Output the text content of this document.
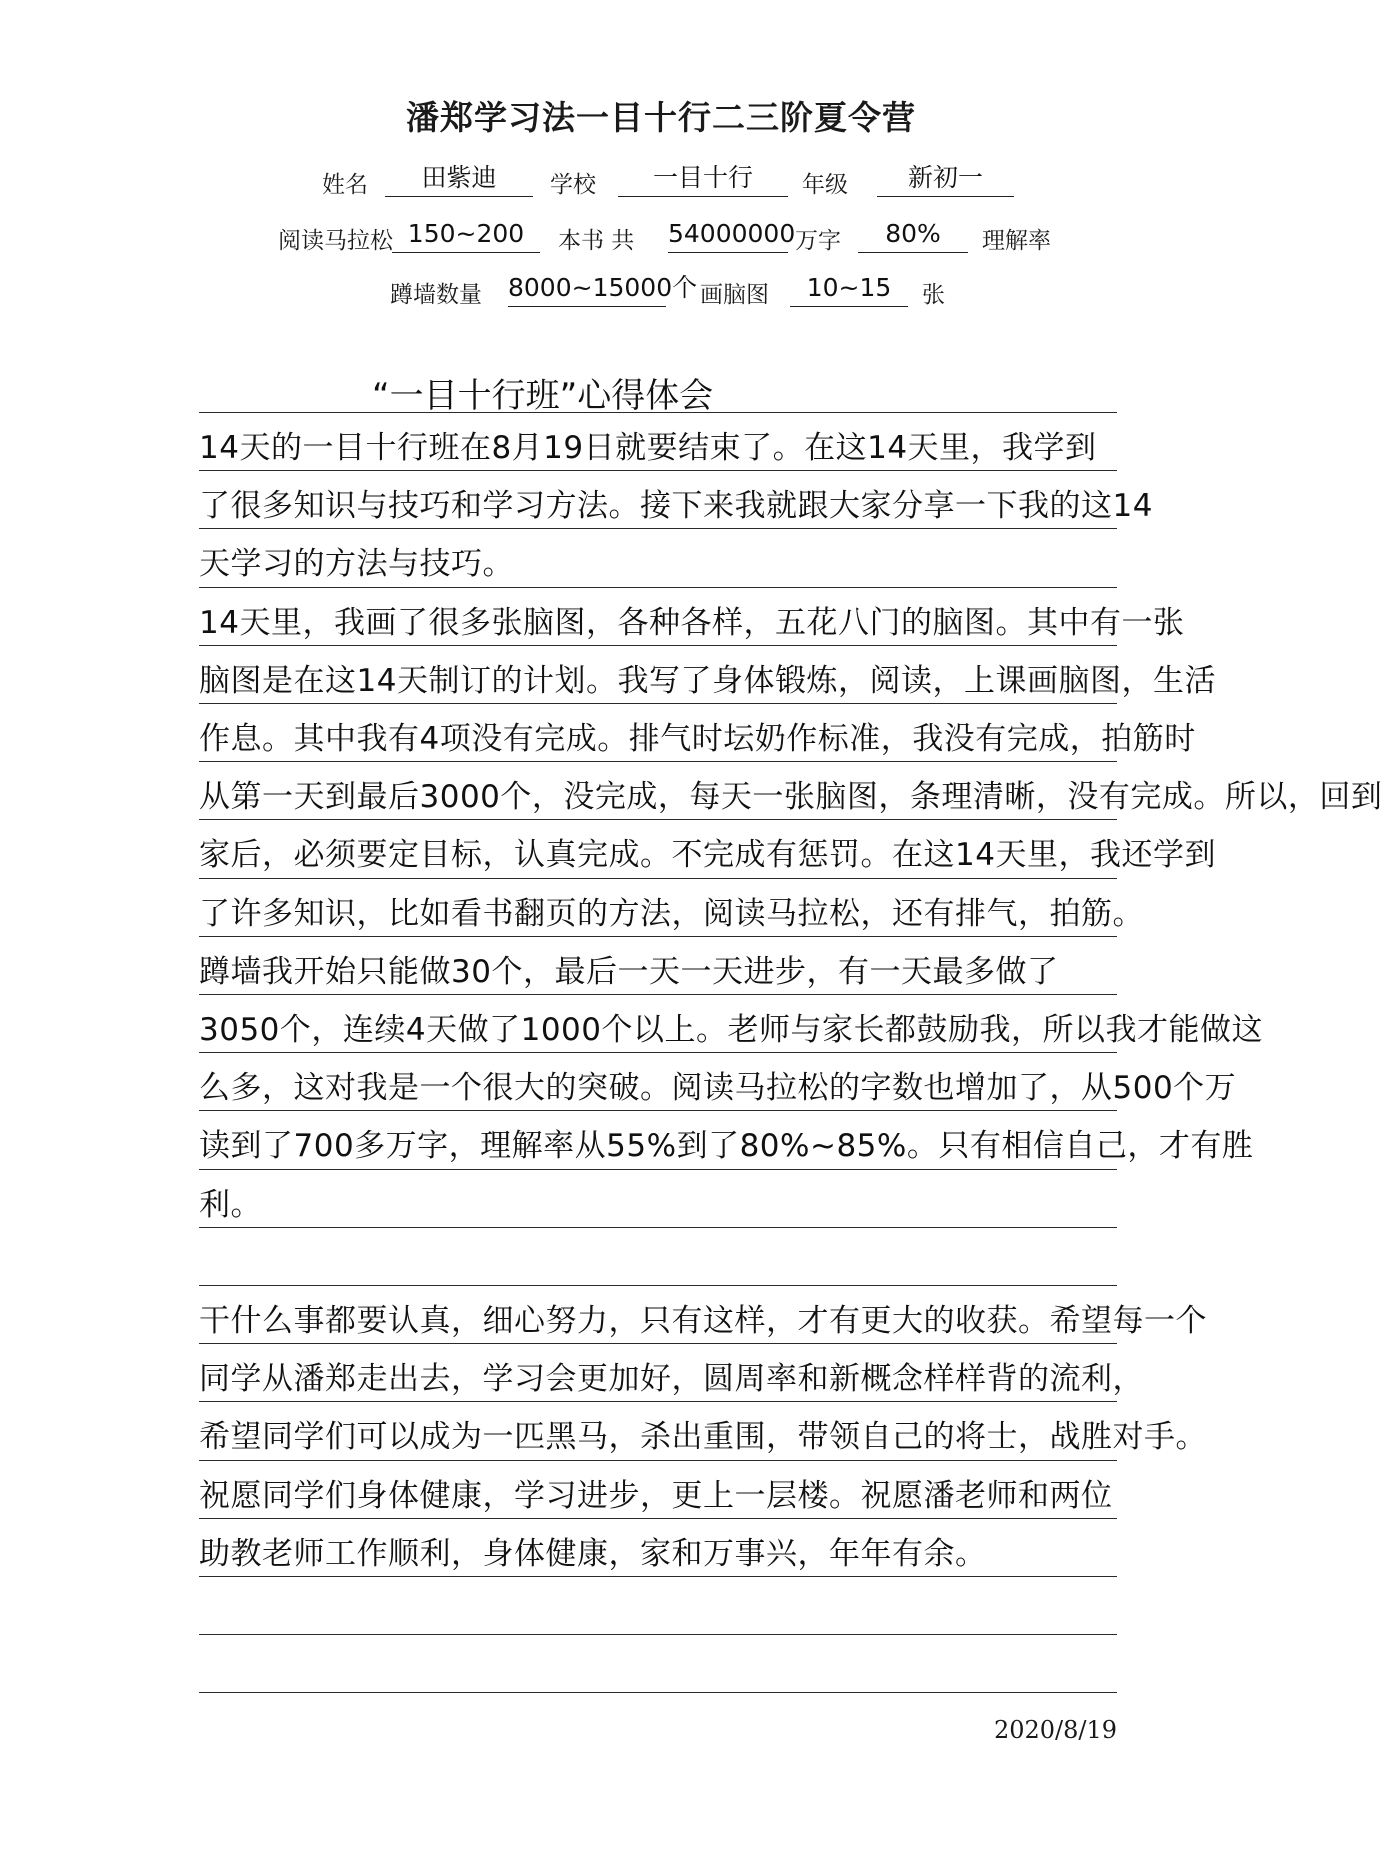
潘郑学习法一目十行二三阶夏令营
姓名	田紫迪	学校	一目十行	年级	新初一
阅读马拉松 150~200	本书 共 54000000 万字	80%	理解率
蹲墙数量 8000~15000个 画脑图	10~15	张
“一目十行班”心得体会
14天的一目十行班在8月19日就要结束了。在这14天里，我学到
了很多知识与技巧和学习方法。接下来我就跟大家分享一下我的这14
天学习的方法与技巧。
14天里，我画了很多张脑图，各种各样，五花八门的脑图。其中有一张
脑图是在这14天制订的计划。我写了身体锻炼，阅读，上课画脑图，生活
作息。其中我有4项没有完成。排气时坛奶作标准，我没有完成，拍筋时
从第一天到最后3000个，没完成，每天一张脑图，条理清晰，没有完成。所以，回到
家后，必须要定目标，认真完成。不完成有惩罚。在这14天里，我还学到
了许多知识，比如看书翻页的方法，阅读马拉松，还有排气，拍筋。
蹲墙我开始只能做30个，最后一天一天进步，有一天最多做了
3050个，连续4天做了1000个以上。老师与家长都鼓励我，所以我才能做这
么多，这对我是一个很大的突破。阅读马拉松的字数也增加了，从500个万
读到了700多万字，理解率从55%到了80%~85%。只有相信自己，才有胜
利。
干什么事都要认真，细心努力，只有这样，才有更大的收获。希望每一个
同学从潘郑走出去，学习会更加好，圆周率和新概念样样背的流利，
希望同学们可以成为一匹黑马，杀出重围，带领自己的将士，战胜对手。
祝愿同学们身体健康，学习进步，更上一层楼。祝愿潘老师和两位
助教老师工作顺利，身体健康，家和万事兴，年年有余。
2020/8/19
